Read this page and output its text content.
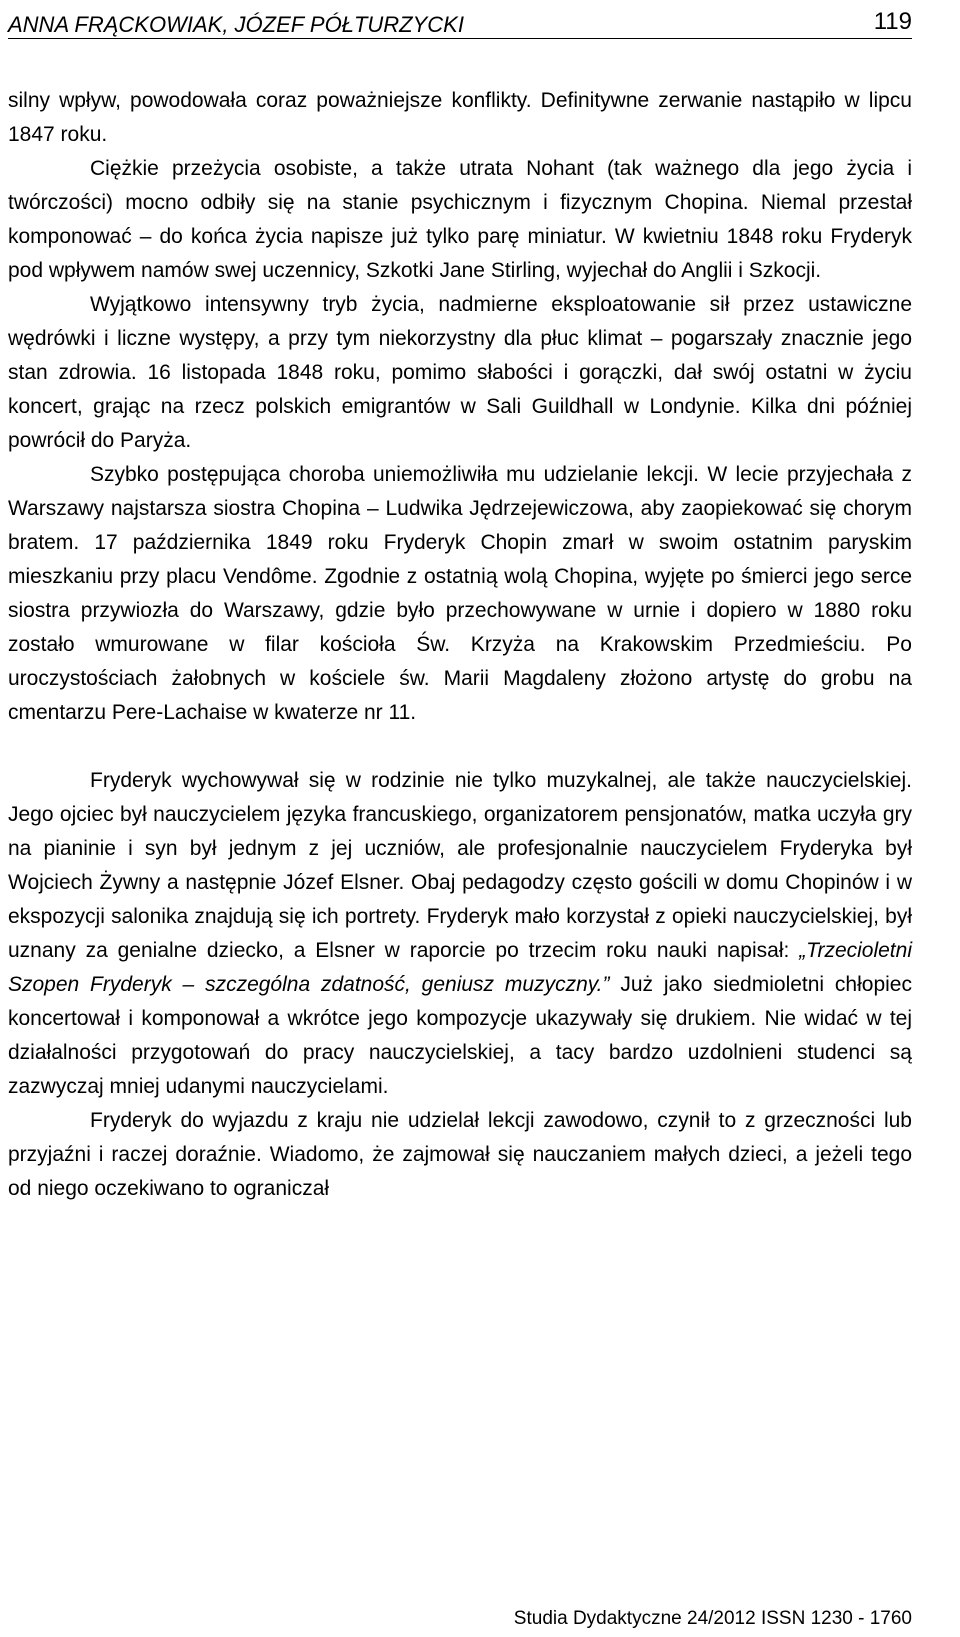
ANNA FRĄCKOWIAK, JÓZEF PÓŁTURZYCKI	119

silny wpływ, powodowała coraz poważniejsze konflikty. Definitywne zerwanie nastąpiło w lipcu 1847 roku.

Ciężkie przeżycia osobiste, a także utrata Nohant (tak ważnego dla jego życia i twórczości) mocno odbiły się na stanie psychicznym i fizycznym Chopina. Niemal przestał komponować – do końca życia napisze już tylko parę miniatur. W kwietniu 1848 roku Fryderyk pod wpływem namów swej uczennicy, Szkotki Jane Stirling, wyjechał do Anglii i Szkocji.

Wyjątkowo intensywny tryb życia, nadmierne eksploatowanie sił przez ustawiczne wędrówki i liczne występy, a przy tym niekorzystny dla płuc klimat – pogarszały znacznie jego stan zdrowia. 16 listopada 1848 roku, pomimo słabości i gorączki, dał swój ostatni w życiu koncert, grając na rzecz polskich emigrantów w Sali Guildhall w Londynie. Kilka dni później powrócił do Paryża.

Szybko postępująca choroba uniemożliwiła mu udzielanie lekcji. W lecie przyjechała z Warszawy najstarsza siostra Chopina – Ludwika Jędrzejewiczowa, aby zaopiekować się chorym bratem. 17 października 1849 roku Fryderyk Chopin zmarł w swoim ostatnim paryskim mieszkaniu przy placu Vendôme. Zgodnie z ostatnią wolą Chopina, wyjęte po śmierci jego serce siostra przywiozła do Warszawy, gdzie było przechowywane w urnie i dopiero w 1880 roku zostało wmurowane w filar kościoła Św. Krzyża na Krakowskim Przedmieściu. Po uroczystościach żałobnych w kościele św. Marii Magdaleny złożono artystę do grobu na cmentarzu Pere-Lachaise w kwaterze nr 11.

Fryderyk wychowywał się w rodzinie nie tylko muzykalnej, ale także nauczycielskiej. Jego ojciec był nauczycielem języka francuskiego, organizatorem pensjonatów, matka uczyła gry na pianinie i syn był jednym z jej uczniów, ale profesjonalnie nauczycielem Fryderyka był Wojciech Żywny a następnie Józef Elsner. Obaj pedagodzy często gościli w domu Chopinów i w ekspozycji salonika znajdują się ich portrety. Fryderyk mało korzystał z opieki nauczycielskiej, był uznany za genialne dziecko, a Elsner w raporcie po trzecim roku nauki napisał: „Trzecioletni Szopen Fryderyk – szczególna zdatność, geniusz muzyczny.” Już jako siedmioletni chłopiec koncertował i komponował a wkrótce jego kompozycje ukazywały się drukiem. Nie widać w tej działalności przygotowań do pracy nauczycielskiej, a tacy bardzo uzdolnieni studenci są zazwyczaj mniej udanymi nauczycielami.

Fryderyk do wyjazdu z kraju nie udzielał lekcji zawodowo, czynił to z grzeczności lub przyjaźni i raczej doraźnie. Wiadomo, że zajmował się nauczaniem małych dzieci, a jeżeli tego od niego oczekiwano to ograniczał

Studia Dydaktyczne 24/2012 ISSN 1230 - 1760
